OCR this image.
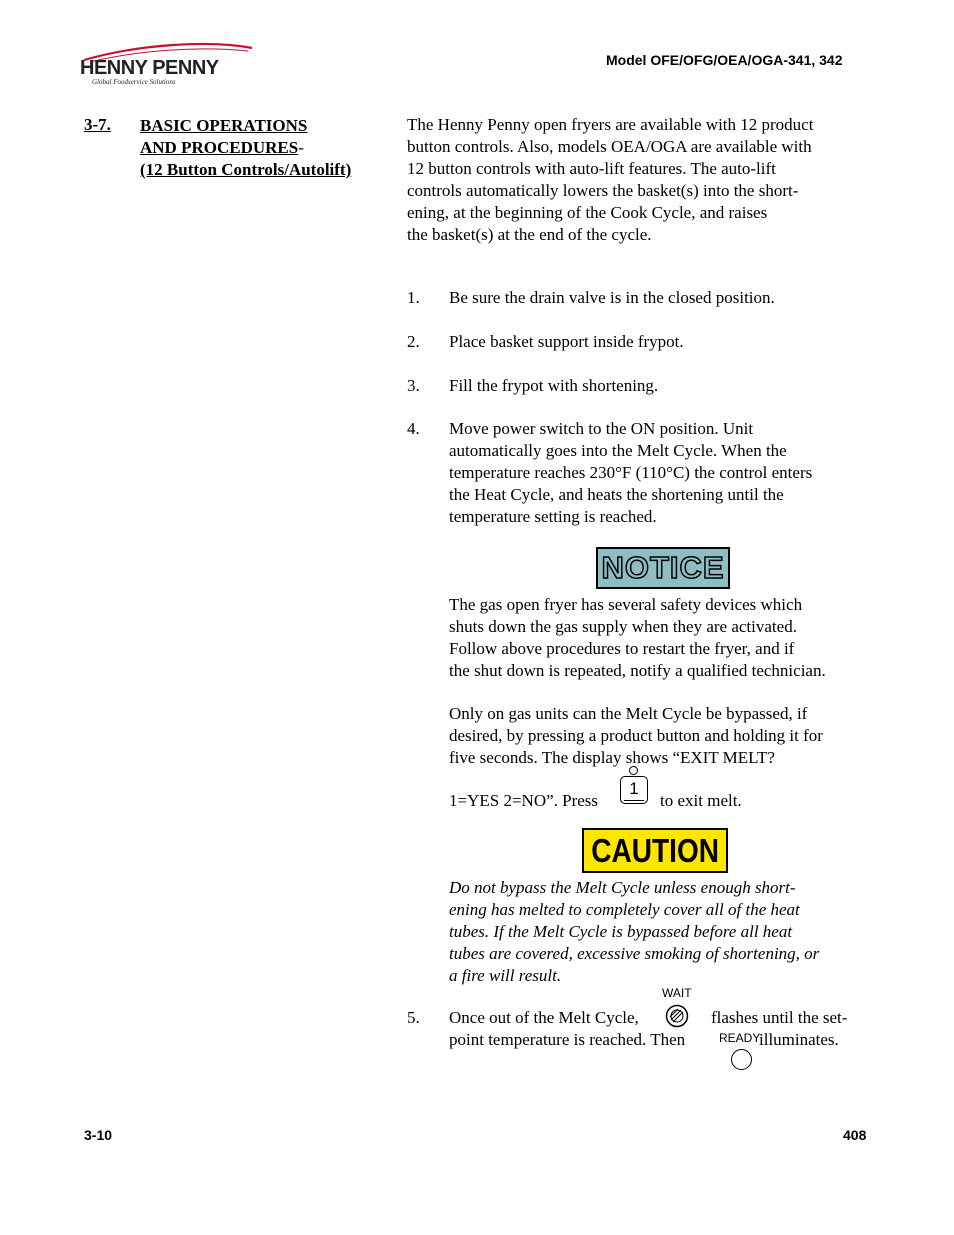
HENNY PENNY
Global Foodservice Solutions
Model OFE/OFG/OEA/OGA-341, 342
3-7. BASIC OPERATIONS
AND PROCEDURES-
(12 Button Controls/Autolift)
The Henny Penny open fryers are available with 12 product
button controls. Also, models OEA/OGA are available with
12 button controls with auto-lift features. The auto-lift
controls automatically lowers the basket(s) into the short-
ening, at the beginning of the Cook Cycle, and raises
the basket(s) at the end of the cycle.
1. Be sure the drain valve is in the closed position.
2. Place basket support inside frypot.
3. Fill the frypot with shortening.
4. Move power switch to the ON position. Unit
automatically goes into the Melt Cycle. When the
temperature reaches 230°F (110°C) the control enters
the Heat Cycle, and heats the shortening until the
temperature setting is reached.
NOTICE
The gas open fryer has several safety devices which
shuts down the gas supply when they are activated.
Follow above procedures to restart the fryer, and if
the shut down is repeated, notify a qualified technician.
Only on gas units can the Melt Cycle be bypassed, if
desired, by pressing a product button and holding it for
five seconds. The display shows “EXIT MELT?
1=YES 2=NO”. Press
1
to exit melt.
CAUTION
Do not bypass the Melt Cycle unless enough short-
ening has melted to completely cover all of the heat
tubes. If the Melt Cycle is bypassed before all heat
tubes are covered, excessive smoking of shortening, or
a fire will result.
WAIT
5. Once out of the Melt Cycle,	flashes until the set-
point temperature is reached. Then	READY
illuminates.
3-10	408
